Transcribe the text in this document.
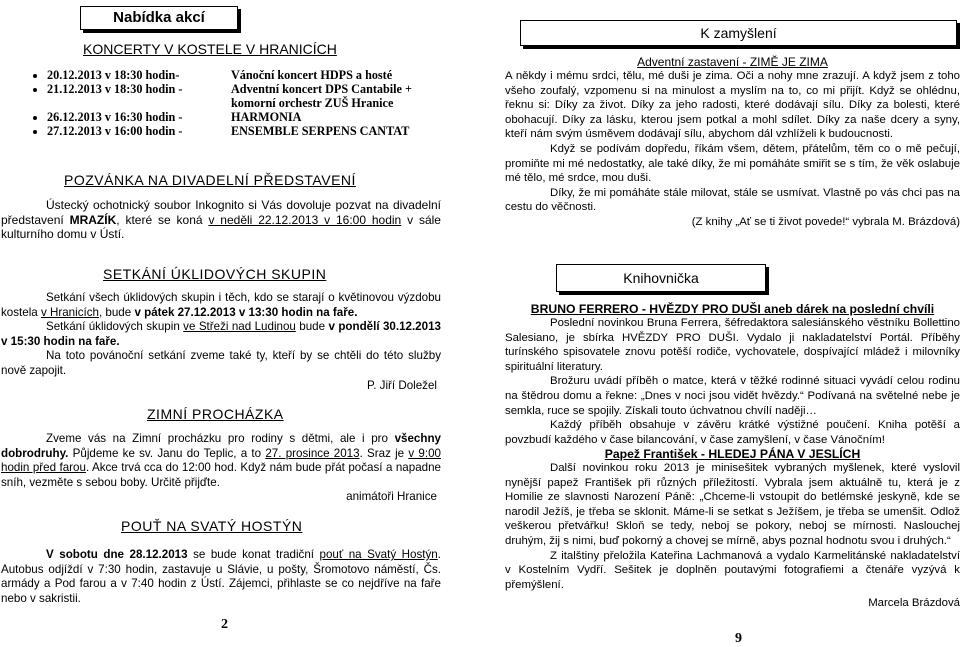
Nabídka akcí
KONCERTY V KOSTELE V HRANICÍCH
• 20.12.2013 v 18:30 hodin-	Vánoční koncert HDPS a hosté
• 21.12.2013 v 18:30 hodin -	Adventní koncert DPS Cantabile + komorní orchestr ZUŠ Hranice
• 26.12.2013 v 16:30 hodin -	HARMONIA
• 27.12.2013 v 16:00 hodin -	ENSEMBLE SERPENS CANTAT
POZVÁNKA NA DIVADELNÍ PŘEDSTAVENÍ

Ústecký ochotnický soubor Inkognito si Vás dovoluje pozvat na divadelní představení MRAZÍK, které se koná v neděli 22.12.2013 v 16:00 hodin v sále kulturního domu v Ústí.

SETKÁNÍ ÚKLIDOVÝCH SKUPIN

Setkání všech úklidových skupin i těch, kdo se starají o květinovou výzdobu kostela v Hranicích, bude v pátek 27.12.2013 v 13:30 hodin na faře.

Setkání úklidových skupin ve Střeži nad Ludinou bude v pondělí 30.12.2013 v 15:30 hodin na faře.

Na toto povánoční setkání zveme také ty, kteří by se chtěli do této služby nově zapojit.

P. Jiří Doležel

ZIMNÍ PROCHÁZKA

Zveme vás na Zimní procházku pro rodiny s dětmi, ale i pro všechny dobrodruhy. Půjdeme ke sv. Janu do Teplic, a to 27. prosince 2013. Sraz je v 9:00 hodin před farou. Akce trvá cca do 12:00 hod. Když nám bude přát počasí a napadne sníh, vezměte s sebou boby. Určitě přijďte.

animátoři Hranice

POUŤ NA SVATÝ HOSTÝN

V sobotu dne 28.12.2013 se bude konat tradiční pouť na Svatý Hostýn. Autobus odjíždí v 7:30 hodin, zastavuje u Slávie, u pošty, Šromotovo náměstí, Čs. armády a Pod farou a v 7:40 hodin z Ústí. Zájemci, přihlaste se co nejdříve na faře nebo v sakristii.

2
K zamyšlení
Adventní zastavení - ZIMĚ JE ZIMA

A někdy i mému srdci, tělu, mé duši je zima. Oči a nohy mne zrazují. A když jsem z toho všeho zoufalý, vzpomenu si na minulost a myslím na to, co mi přijít. Když se ohlédnu, řeknu si: Díky za život. Díky za jeho radosti, které dodávají sílu. Díky za bolesti, které obohacují. Díky za lásku, kterou jsem potkal a mohl sdílet. Díky za naše dcery a syny, kteří nám svým úsměvem dodávají sílu, abychom dál vzhlíželi k budoucnosti.

Když se podívám dopředu, říkám všem, dětem, přátelům, těm co o mě pečují, promiňte mi mé nedostatky, ale také díky, že mi pomáháte smiřit se s tím, že věk oslabuje mé tělo, mé srdce, mou duši.

Díky, že mi pomáháte stále milovat, stále se usmívat. Vlastně po vás chci pas na cestu do věčnosti.

(Z knihy „Ať se ti život povede!“ vybrala M. Brázdová)

Knihovnička
BRUNO FERRERO - HVĚZDY PRO DUŠI aneb dárek na poslední chvíli

Poslední novinkou Bruna Ferrera, šéfredaktora salesiánského věstníku Bollettino Salesiano, je sbírka HVĚZDY PRO DUŠI. Vydalo ji nakladatelství Portál. Příběhy turínského spisovatele znovu potěší rodiče, vychovatele, dospívající mládež i milovníky spirituální literatury.

Brožuru uvádí příběh o matce, která v těžké rodinné situaci vyvádí celou rodinu na štědrou domu a řekne: „Dnes v noci jsou vidět hvězdy.“ Podívaná na světelné nebe je semkla, ruce se spojily. Získali touto úchvatnou chvílí naději…

Každý příběh obsahuje v závěru krátké výstižné poučení. Kniha potěší a povzbudí každého v čase bilancování, v čase zamyšlení, v čase Vánočním!

Papež František - HLEDEJ PÁNA V JESLÍCH

Další novinkou roku 2013 je minisešitek vybraných myšlenek, které vyslovil nynější papež František při různých příležitostí. Vybrala jsem aktuálně tu, která je z Homilie ze slavnosti Narození Páně: „Chceme-li vstoupit do betlémské jeskyně, kde se narodil Ježíš, je třeba se sklonit. Máme-li se setkat s Ježíšem, je třeba se umenšit. Odlož veškerou přetvářku! Skloň se tedy, neboj se pokory, neboj se mírnosti. Naslouchej druhým, žij s nimi, buď pokorný a chovej se mírně, abys poznal hodnotu svou i druhých.“

Z italštiny přeložila Kateřina Lachmanová a vydalo Karmelitánské nakladatelství v Kostelním Vydří. Sešitek je doplněn poutavými fotografiemi a čtenáře vyzývá k přemýšlení.

Marcela Brázdová

9
